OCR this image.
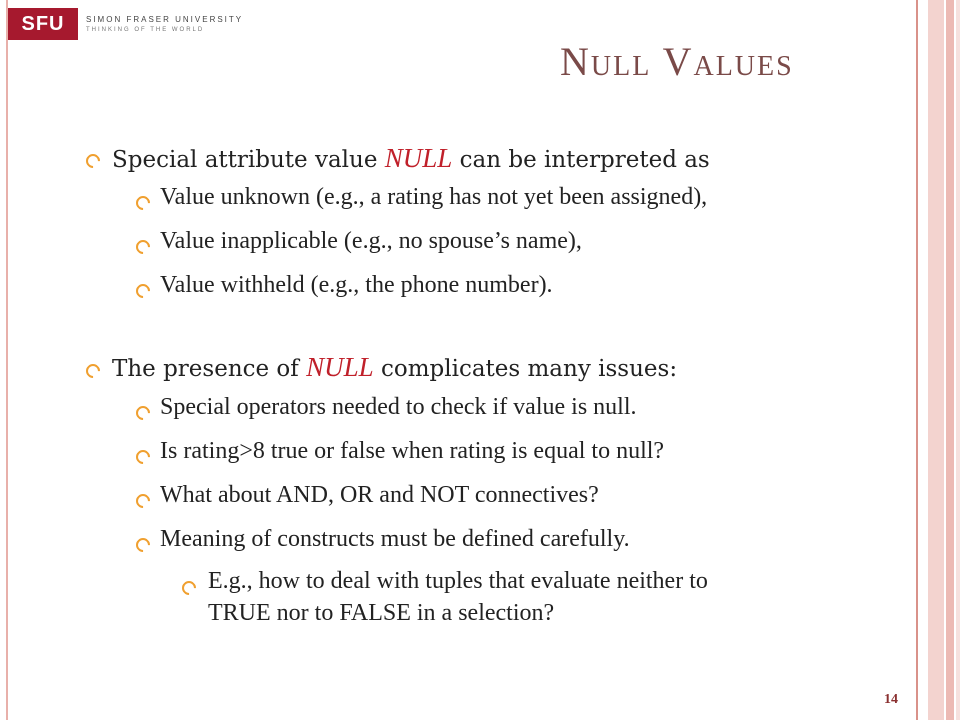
SFU	SIMON FRASER UNIVERSITY
THINKING OF THE WORLD
Null Values
Special attribute value NULL can be interpreted as
Value unknown (e.g., a rating has not yet been assigned),
Value inapplicable (e.g., no spouse’s name),
Value withheld (e.g., the phone number).
The presence of NULL complicates many issues:
Special operators needed to check if value is null.
Is rating>8 true or false when rating is equal to null?
What about AND, OR and NOT connectives?
Meaning of constructs must be defined carefully.
E.g., how to deal with tuples that evaluate neither to
TRUE nor to FALSE in a selection?
14
